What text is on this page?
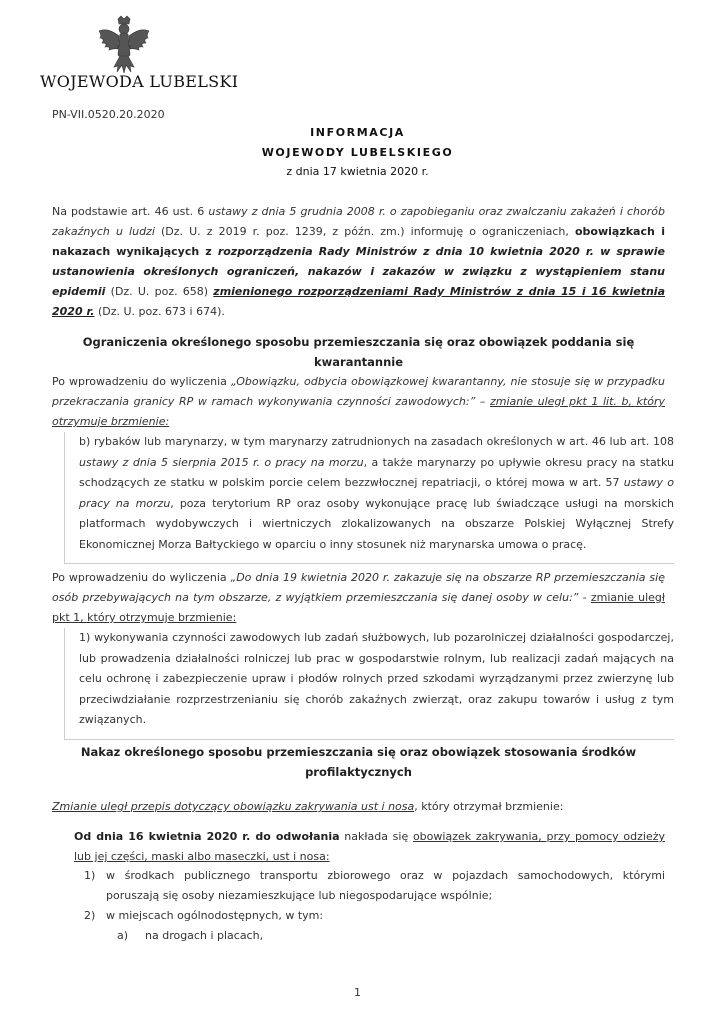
WOJEWODA LUBELSKI
PN-VII.0520.20.2020
INFORMACJA
WOJEWODY LUBELSKIEGO
z dnia 17 kwietnia 2020 r.
Na podstawie art. 46 ust. 6 ustawy z dnia 5 grudnia 2008 r. o zapobieganiu oraz zwalczaniu zakażeń i chorób zakaźnych u ludzi (Dz. U. z 2019 r. poz. 1239, z późn. zm.) informuję o ograniczeniach, obowiązkach i nakazach wynikających z rozporządzenia Rady Ministrów z dnia 10 kwietnia 2020 r. w sprawie ustanowienia określonych ograniczeń, nakazów i zakazów w związku z wystąpieniem stanu epidemii (Dz. U. poz. 658) zmienionego rozporządzeniami Rady Ministrów z dnia 15 i 16 kwietnia 2020 r. (Dz. U. poz. 673 i 674).
Ograniczenia określonego sposobu przemieszczania się oraz obowiązek poddania się kwarantannie
Po wprowadzeniu do wyliczenia „Obowiązku, odbycia obowiązkowej kwarantanny, nie stosuje się w przypadku przekraczania granicy RP w ramach wykonywania czynności zawodowych:” – zmianie uległ pkt 1 lit. b, który otrzymuje brzmienie:
b) rybaków lub marynarzy, w tym marynarzy zatrudnionych na zasadach określonych w art. 46 lub art. 108 ustawy z dnia 5 sierpnia 2015 r. o pracy na morzu, a także marynarzy po upływie okresu pracy na statku schodzących ze statku w polskim porcie celem bezzwłocznej repatriacji, o której mowa w art. 57 ustawy o pracy na morzu, poza terytorium RP oraz osoby wykonujące pracę lub świadczące usługi na morskich platformach wydobywczych i wiertniczych zlokalizowanych na obszarze Polskiej Wyłącznej Strefy Ekonomicznej Morza Bałtyckiego w oparciu o inny stosunek niż marynarska umowa o pracę.
Po wprowadzeniu do wyliczenia „Do dnia 19 kwietnia 2020 r. zakazuje się na obszarze RP przemieszczania się osób przebywających na tym obszarze, z wyjątkiem przemieszczania się danej osoby w celu:” - zmianie uległ pkt 1, który otrzymuje brzmienie:
1) wykonywania czynności zawodowych lub zadań służbowych, lub pozarolniczej działalności gospodarczej, lub prowadzenia działalności rolniczej lub prac w gospodarstwie rolnym, lub realizacji zadań mających na celu ochronę i zabezpieczenie upraw i płodów rolnych przed szkodami wyrządzanymi przez zwierzynę lub przeciwdziałanie rozprzestrzenianiu się chorób zakaźnych zwierząt, oraz zakupu towarów i usług z tym związanych.
Nakaz określonego sposobu przemieszczania się oraz obowiązek stosowania środków
profilaktycznych
Zmianie uległ przepis dotyczący obowiązku zakrywania ust i nosa, który otrzymał brzmienie:
Od dnia 16 kwietnia 2020 r. do odwołania nakłada się obowiązek zakrywania, przy pomocy odzieży lub jej części, maski albo maseczki, ust i nosa:
1) w środkach publicznego transportu zbiorowego oraz w pojazdach samochodowych, którymi poruszają się osoby niezamieszkujące lub niegospodarujące wspólnie;
2) w miejscach ogólnodostępnych, w tym:
a)	na drogach i placach,
1
